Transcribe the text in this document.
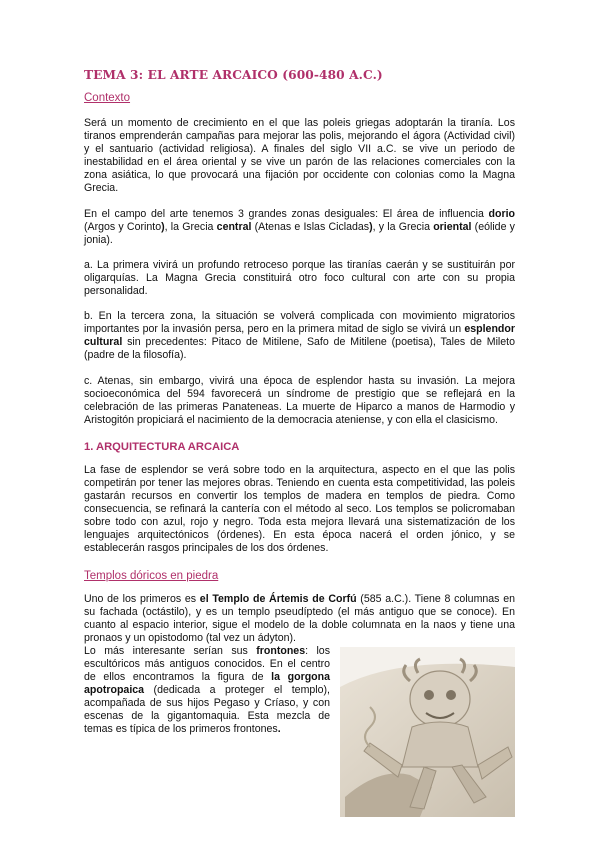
TEMA 3: EL ARTE ARCAICO (600-480 A.C.)
Contexto

Será un momento de crecimiento en el que las poleis griegas adoptarán la tiranía. Los tiranos emprenderán campañas para mejorar las polis, mejorando el ágora (Actividad civil) y el santuario (actividad religiosa). A finales del siglo VII a.C. se vive un periodo de inestabilidad en el área oriental y se vive un parón de las relaciones comerciales con la zona asiática, lo que provocará una fijación por occidente con colonias como la Magna Grecia.

En el campo del arte tenemos 3 grandes zonas desiguales: El área de influencia dorio (Argos y Corinto), la Grecia central (Atenas e Islas Cicladas), y la Grecia oriental (eólide y jonia).

a. La primera vivirá un profundo retroceso porque las tiranías caerán y se sustituirán por oligarquías. La Magna Grecia constituirá otro foco cultural con arte con su propia personalidad.

b. En la tercera zona, la situación se volverá complicada con movimiento migratorios importantes por la invasión persa, pero en la primera mitad de siglo se vivirá un esplendor cultural sin precedentes: Pitaco de Mitilene, Safo de Mitilene (poetisa), Tales de Mileto (padre de la filosofía).

c. Atenas, sin embargo, vivirá una época de esplendor hasta su invasión. La mejora socioeconómica del 594 favorecerá un síndrome de prestigio que se reflejará en la celebración de las primeras Panateneas. La muerte de Hiparco a manos de Harmodio y Aristogitón propiciará el nacimiento de la democracia ateniense, y con ella el clasicismo.

1. ARQUITECTURA ARCAICA

La fase de esplendor se verá sobre todo en la arquitectura, aspecto en el que las polis competirán por tener las mejores obras. Teniendo en cuenta esta competitividad, las poleis gastarán recursos en convertir los templos de madera en templos de piedra. Como consecuencia, se refinará la cantería con el método al seco. Los templos se policromaban sobre todo con azul, rojo y negro. Toda esta mejora llevará una sistematización de los lenguajes arquitectónicos (órdenes). En esta época nacerá el orden jónico, y se establecerán rasgos principales de los dos órdenes.

Templos dóricos en piedra

Uno de los primeros es el Templo de Ártemis de Corfú (585 a.C.). Tiene 8 columnas en su fachada (octástilo), y es un templo pseudíptedo (el más antiguo que se conoce). En cuanto al espacio interior, sigue el modelo de la doble columnata en la naos y tiene una pronaos y un opistodomo (tal vez un ádyton).

Lo más interesante serían sus frontones: los escultóricos más antiguos conocidos. En el centro de ellos encontramos la figura de la gorgona apotropaica (dedicada a proteger el templo), acompañada de sus hijos Pegaso y Críaso, y con escenas de la gigantomaquia. Esta mezcla de temas es típica de los primeros frontones.
